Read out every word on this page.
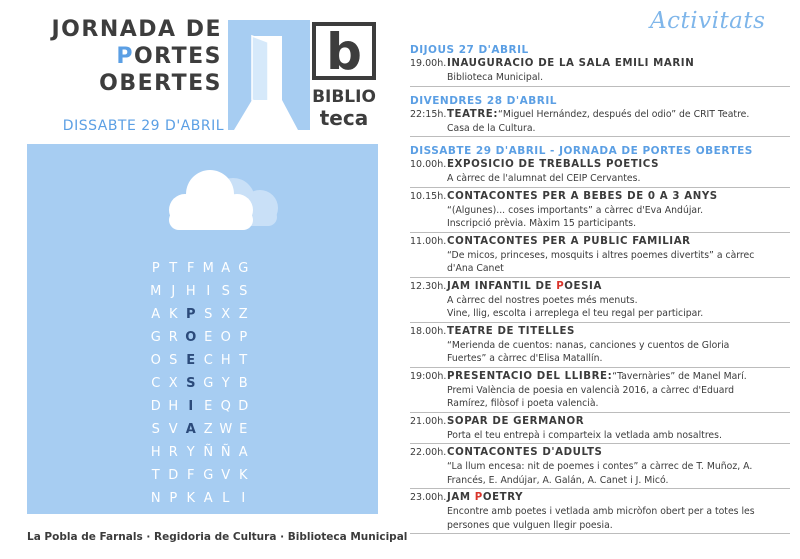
JORNADA DE
PORTES
OBERTES
DISSABTE 29 D'ABRIL
b
BIBLIO
teca
P T F M A G
M J H I S S
A K P S X Z
G R O E O P
O S E C H T
C X S G Y B
D H I E Q D
S V A Z W E
H R Y Ñ Ñ A
T D F G V K
N P K A L I
La Pobla de Farnals · Regidoria de Cultura · Biblioteca Municipal
Activitats
DIJOUS 27 D'ABRIL
19.00h. INAUGURACIO DE LA SALA EMILI MARIN
Biblioteca Municipal.
DIVENDRES 28 D'ABRIL
22:15h. TEATRE: “Miguel Hernández, después del odio” de CRIT Teatre.
Casa de la Cultura.
DISSABTE 29 D'ABRIL - JORNADA DE PORTES OBERTES
10.00h. EXPOSICIO DE TREBALLS POETICS
A càrrec de l'alumnat del CEIP Cervantes.
10.15h. CONTACONTES PER A BEBES DE 0 A 3 ANYS
“(Algunes)... coses importants” a càrrec d'Eva Andújar.
Inscripció prèvia. Màxim 15 participants.
11.00h. CONTACONTES PER A PUBLIC FAMILIAR
“De micos, princeses, mosquits i altres poemes divertits” a càrrec
d'Ana Canet
12.30h. JAM INFANTIL DE POESIA
A càrrec del nostres poetes més menuts.
Vine, llig, escolta i arreplega el teu regal per participar.
18.00h. TEATRE DE TITELLES
“Merienda de cuentos: nanas, canciones y cuentos de Gloria
Fuertes” a càrrec d'Elisa Matallín.
19:00h. PRESENTACIO DEL LLIBRE: “Tavernàries” de Manel Marí.
Premi València de poesia en valencià 2016, a càrrec d'Eduard
Ramírez, filòsof i poeta valencià.
21.00h. SOPAR DE GERMANOR
Porta el teu entrepà i comparteix la vetlada amb nosaltres.
22.00h. CONTACONTES D'ADULTS
“La llum encesa: nit de poemes i contes” a càrrec de T. Muñoz, A.
Francés, E. Andújar, A. Galán, A. Canet i J. Micó.
23.00h. JAM POETRY
Encontre amb poetes i vetlada amb micròfon obert per a totes les
persones que vulguen llegir poesia.
